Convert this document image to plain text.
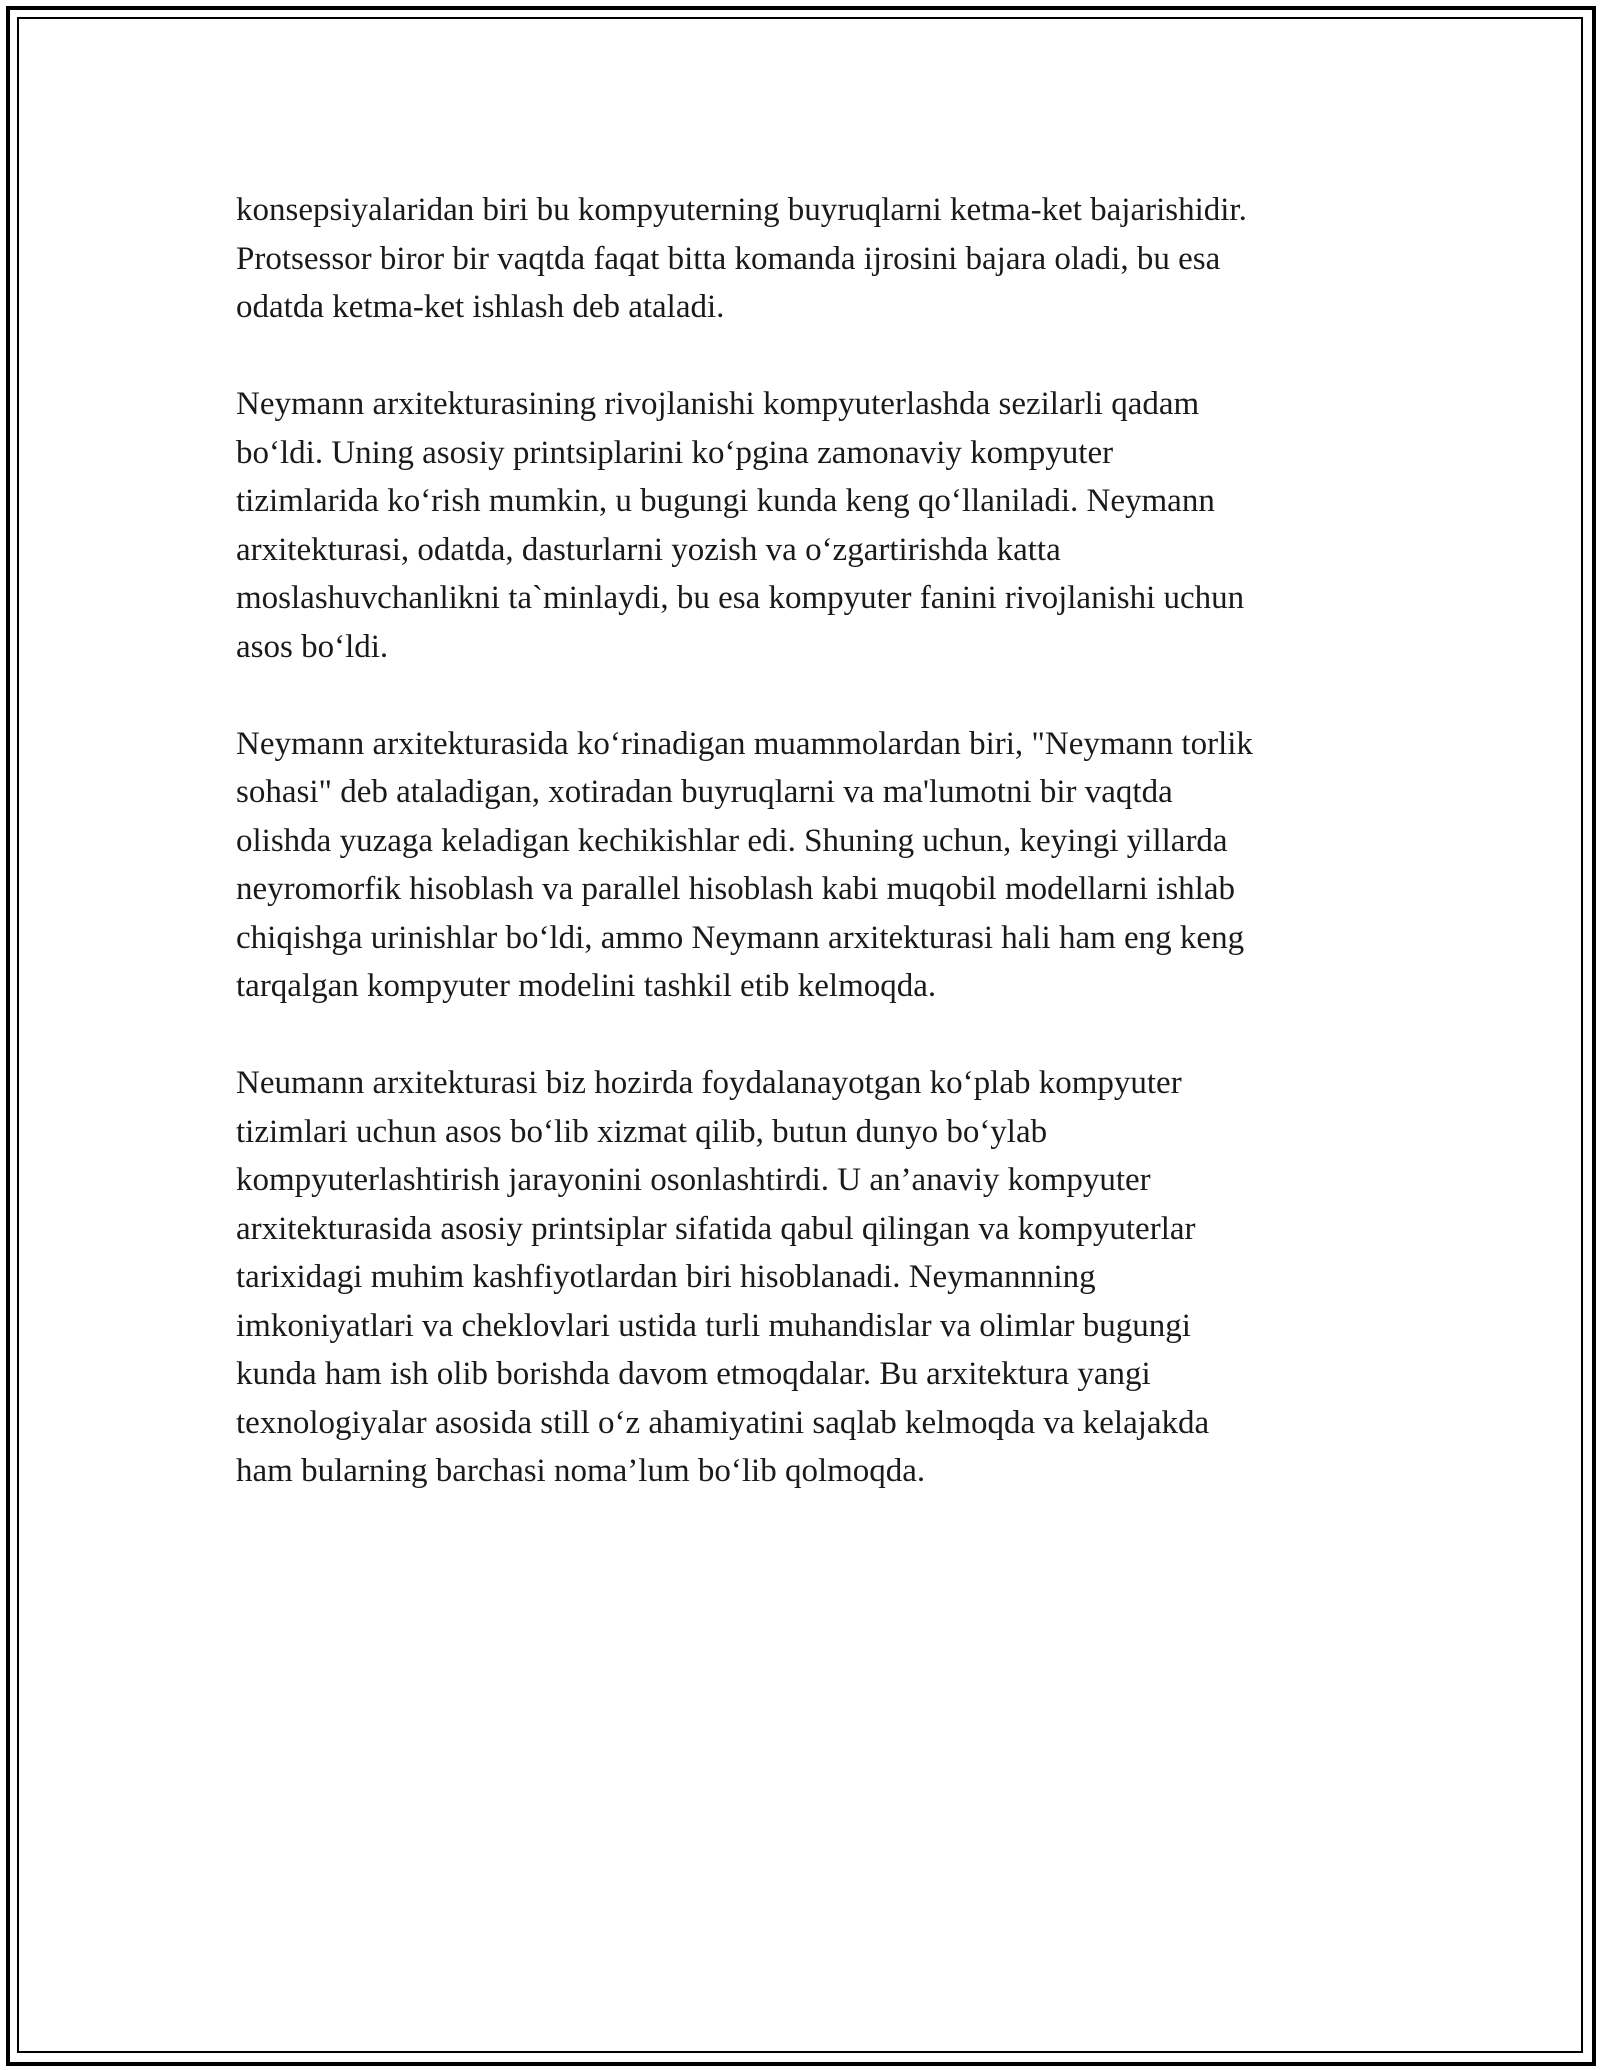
konsepsiyalaridan biri bu kompyuterning buyruqlarni ketma-ket bajarishidir.
Protsessor biror bir vaqtda faqat bitta komanda ijrosini bajara oladi, bu esa
odatda ketma-ket ishlash deb ataladi.

Neymann arxitekturasining rivojlanishi kompyuterlashda sezilarli qadam
boʻldi. Uning asosiy printsiplarini koʻpgina zamonaviy kompyuter
tizimlarida koʻrish mumkin, u bugungi kunda keng qoʻllaniladi. Neymann
arxitekturasi, odatda, dasturlarni yozish va oʻzgartirishda katta
moslashuvchanlikni ta`minlaydi, bu esa kompyuter fanini rivojlanishi uchun
asos boʻldi.

Neymann arxitekturasida koʻrinadigan muammolardan biri, "Neymann torlik
sohasi" deb ataladigan, xotiradan buyruqlarni va ma'lumotni bir vaqtda
olishda yuzaga keladigan kechikishlar edi. Shuning uchun, keyingi yillarda
neyromorfik hisoblash va parallel hisoblash kabi muqobil modellarni ishlab
chiqishga urinishlar boʻldi, ammo Neymann arxitekturasi hali ham eng keng
tarqalgan kompyuter modelini tashkil etib kelmoqda.

Neumann arxitekturasi biz hozirda foydalanayotgan koʻplab kompyuter
tizimlari uchun asos boʻlib xizmat qilib, butun dunyo boʻylab
kompyuterlashtirish jarayonini osonlashtirdi. U an’anaviy kompyuter
arxitekturasida asosiy printsiplar sifatida qabul qilingan va kompyuterlar
tarixidagi muhim kashfiyotlardan biri hisoblanadi. Neymannning
imkoniyatlari va cheklovlari ustida turli muhandislar va olimlar bugungi
kunda ham ish olib borishda davom etmoqdalar. Bu arxitektura yangi
texnologiyalar asosida still oʻz ahamiyatini saqlab kelmoqda va kelajakda
ham bularning barchasi noma’lum boʻlib qolmoqda.
